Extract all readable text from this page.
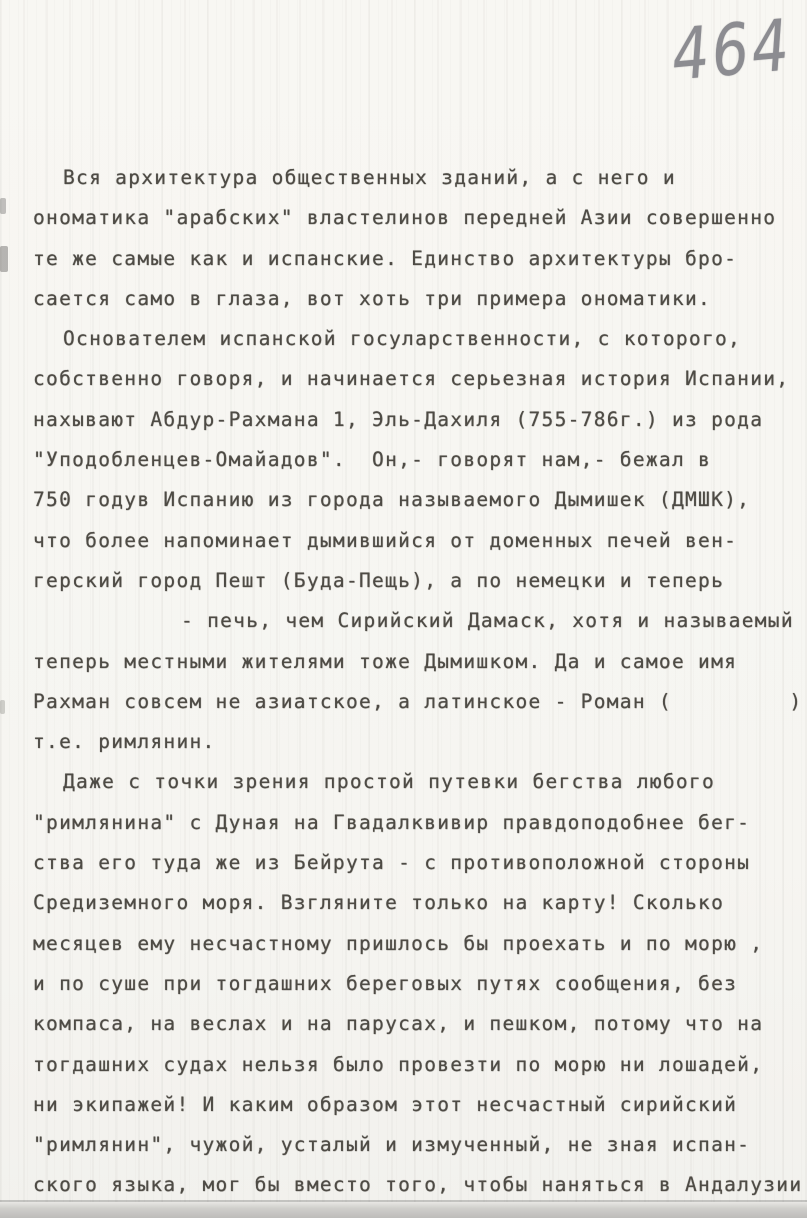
464
Вся архитектура общественных зданий, а с него и
ономатика "арабских" властелинов передней Азии совершенно
те же самые как и испанские. Единство архитектуры бро-
сается само в глаза, вот хоть три примера ономатики.
Основателем испанской госуларственности, с которого,
собственно говоря, и начинается серьезная история Испании,
нахывают Абдур-Рахмана 1, Эль-Дахиля (755-786г.) из рода
"Уподобленцев-Омайадов".  Он,- говорят нам,- бежал в
750 годув Испанию из города называемого Дымишек (ДМШК),
что более напоминает дымившийся от доменных печей вен-
герский город Пешт (Буда-Пещь), а по немецки и теперь
- печь, чем Сирийский Дамаск, хотя и называемый
теперь местными жителями тоже Дымишком. Да и самое имя
Рахман совсем не азиатское, а латинское - Роман (         )
т.е. римлянин.
Даже с точки зрения простой путевки бегства любого
"римлянина" с Дуная на Гвадалквивир правдоподобнее бег-
ства его туда же из Бейрута - с противоположной стороны
Средиземного моря. Взгляните только на карту! Сколько
месяцев ему несчастному пришлось бы проехать и по морю ,
и по суше при тогдашних береговых путях сообщения, без
компаса, на веслах и на парусах, и пешком, потому что на
тогдашних судах нельзя было провезти по морю ни лошадей,
ни экипажей! И каким образом этот несчастный сирийский
"римлянин", чужой, усталый и измученный, не зная испан-
ского языка, мог бы вместо того, чтобы наняться в Андалузии
